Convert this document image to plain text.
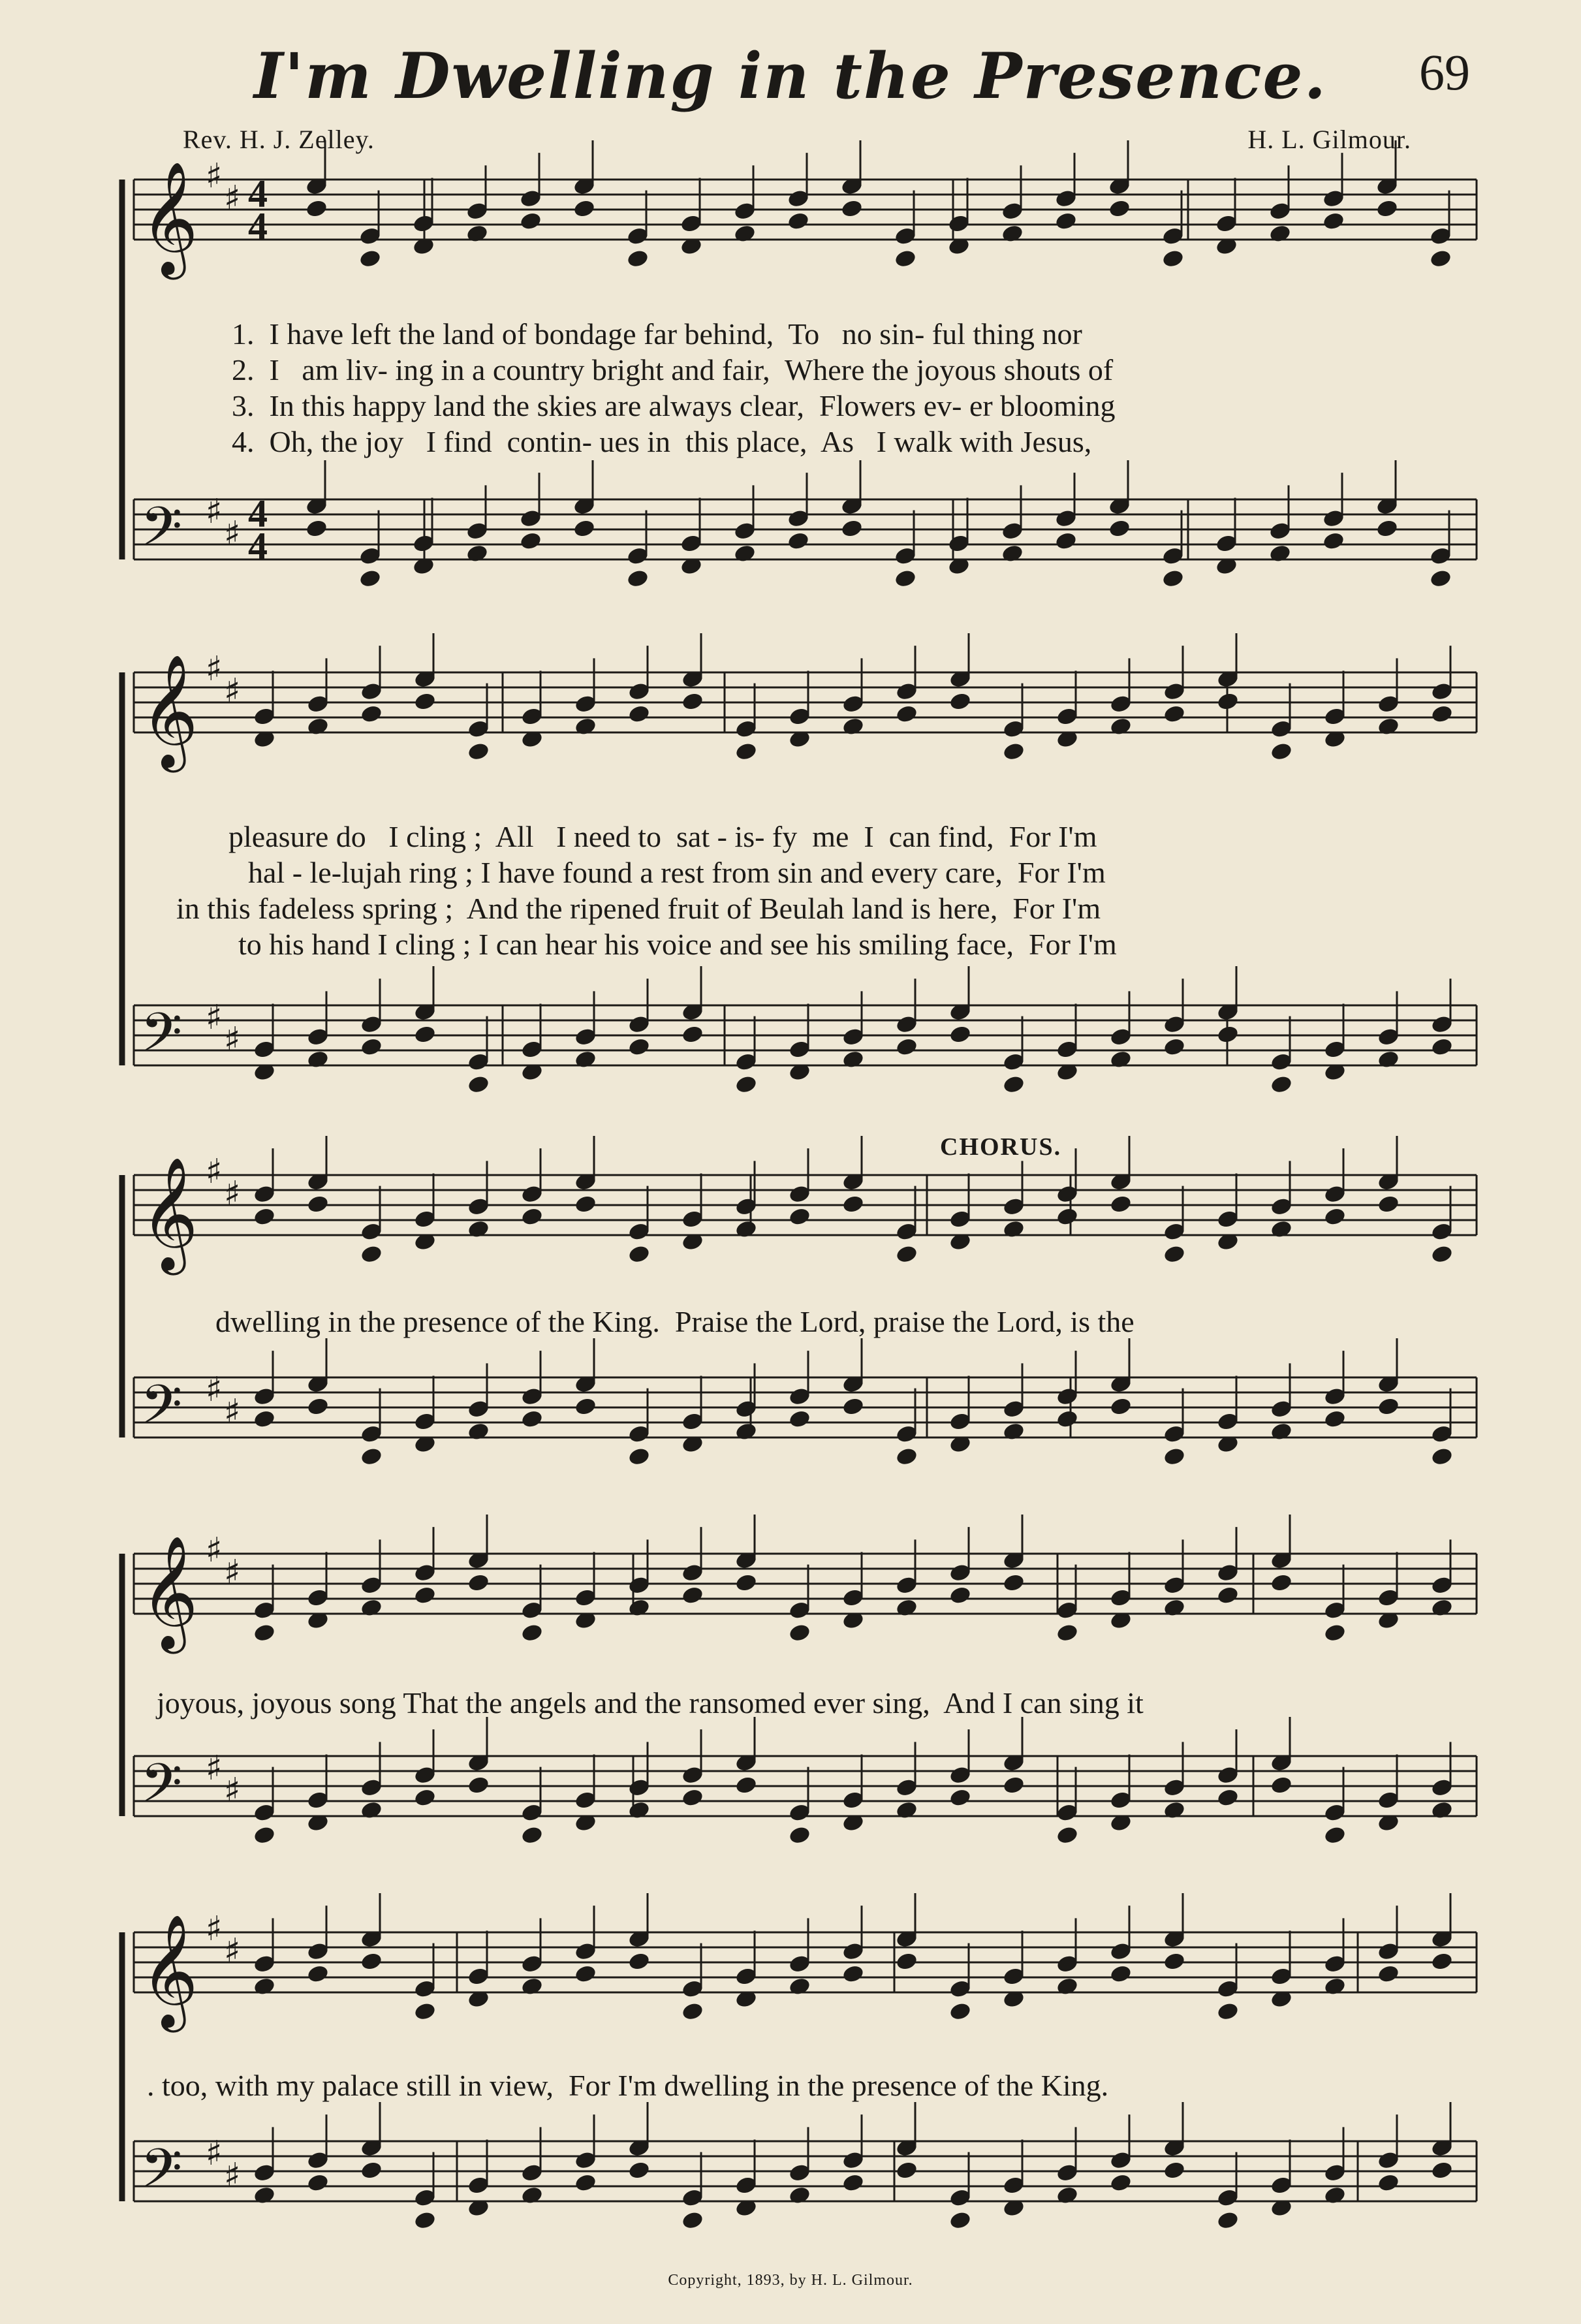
I'm Dwelling in the Presence.	69
Rev. H. J. Zelley.	H. L. Gilmour.
𝄞 ♯
♯ 4
4
𝄢 ♯
♯ 4
4
𝄞 ♯
♯
𝄢 ♯
♯
𝄞 ♯
♯
𝄢 ♯
♯
𝄞 ♯
♯
𝄢 ♯
♯
𝄞 ♯
♯
𝄢 ♯
♯
CHORUS.
1.  I have left the land of bondage far behind,  To   no sin- ful thing nor
2.  I   am liv- ing in a country bright and fair,  Where the joyous shouts of
3.  In this happy land the skies are always clear,  Flowers ev- er blooming
4.  Oh, the joy   I find  contin- ues in  this place,  As   I walk with Jesus,
pleasure do   I cling ;  All   I need to  sat - is- fy  me  I  can find,  For I'm
hal - le-lujah ring ; I have found a rest from sin and every care,  For I'm
in this fadeless spring ;  And the ripened fruit of Beulah land is here,  For I'm
to his hand I cling ; I can hear his voice and see his smiling face,  For I'm
dwelling in the presence of the King.  Praise the Lord, praise the Lord, is the
joyous, joyous song That the angels and the ransomed ever sing,  And I can sing it
. too, with my palace still in view,  For I'm dwelling in the presence of the King.
Copyright, 1893, by H. L. Gilmour.
